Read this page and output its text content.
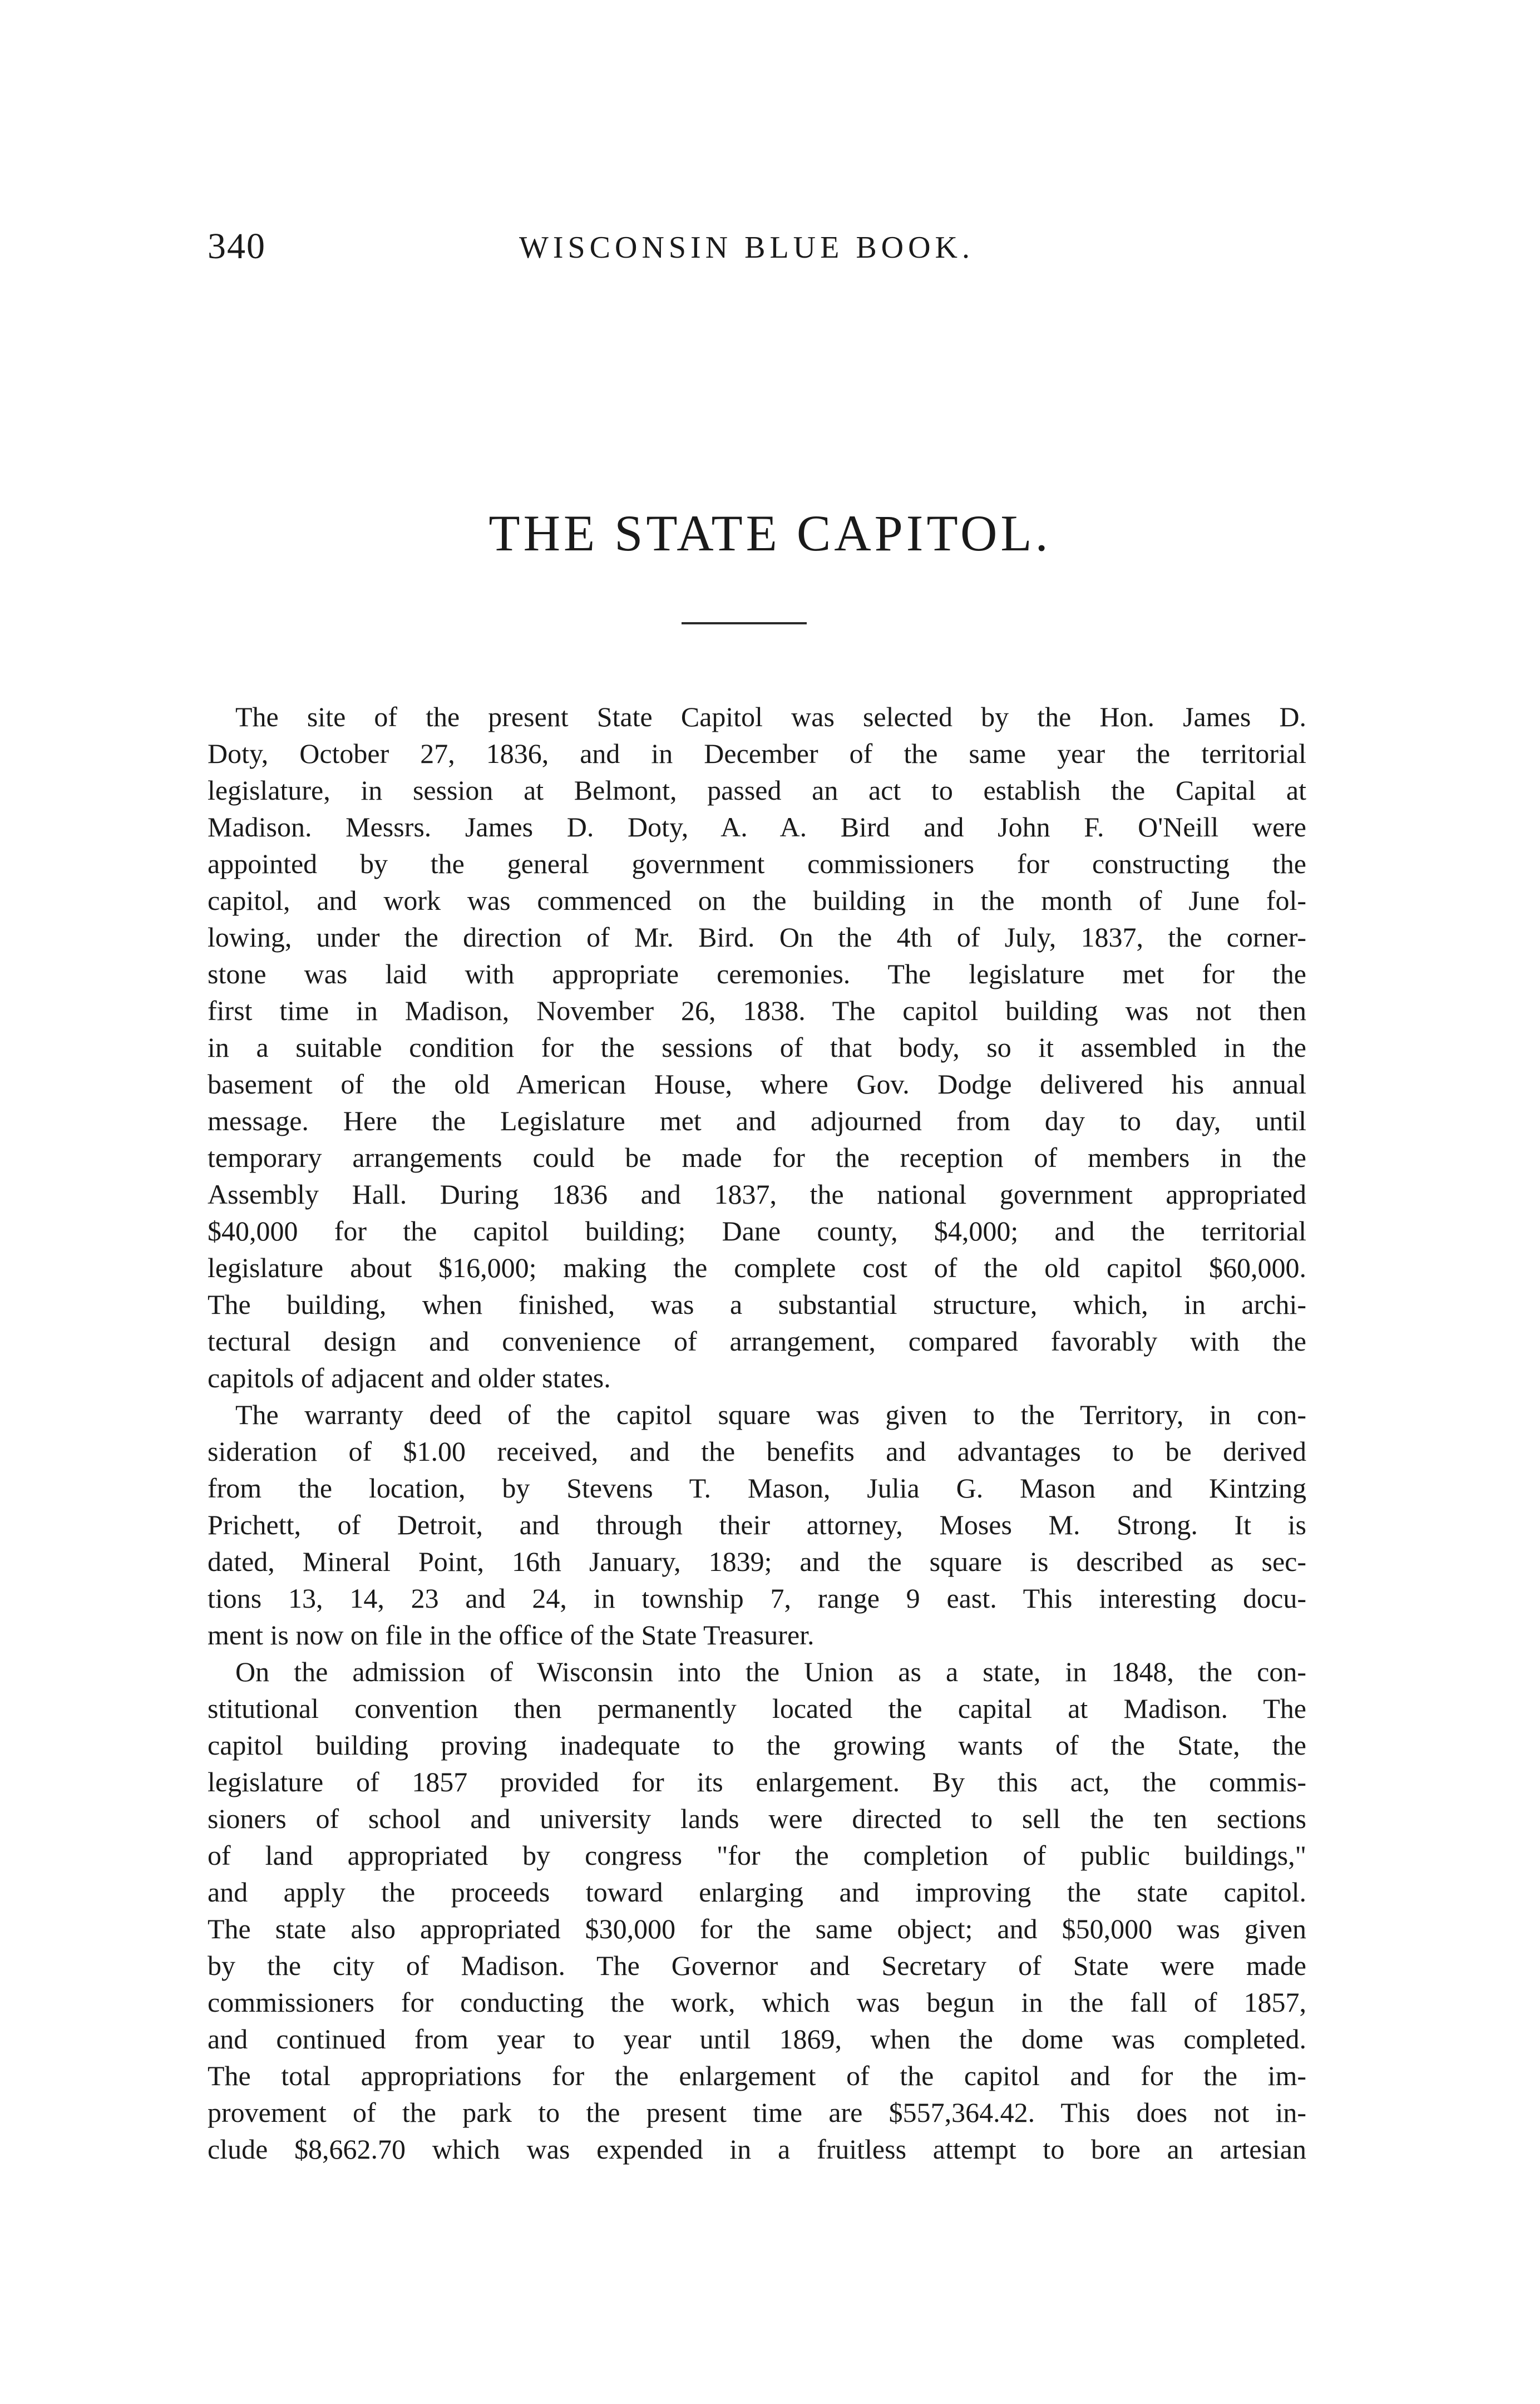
340	WISCONSIN BLUE BOOK.
THE STATE CAPITOL.
The site of the present State Capitol was selected by the Hon. James D.
Doty, October 27, 1836, and in December of the same year the territorial
legislature, in session at Belmont, passed an act to establish the Capital at
Madison. Messrs. James D. Doty, A. A. Bird and John F. O'Neill were
appointed by the general government commissioners for constructing the
capitol, and work was commenced on the building in the month of June fol-
lowing, under the direction of Mr. Bird. On the 4th of July, 1837, the corner-
stone was laid with appropriate ceremonies. The legislature met for the
first time in Madison, November 26, 1838. The capitol building was not then
in a suitable condition for the sessions of that body, so it assembled in the
basement of the old American House, where Gov. Dodge delivered his annual
message. Here the Legislature met and adjourned from day to day, until
temporary arrangements could be made for the reception of members in the
Assembly Hall. During 1836 and 1837, the national government appropriated
$40,000 for the capitol building; Dane county, $4,000; and the territorial
legislature about $16,000; making the complete cost of the old capitol $60,000.
The building, when finished, was a substantial structure, which, in archi-
tectural design and convenience of arrangement, compared favorably with the
capitols of adjacent and older states.
The warranty deed of the capitol square was given to the Territory, in con-
sideration of $1.00 received, and the benefits and advantages to be derived
from the location, by Stevens T. Mason, Julia G. Mason and Kintzing
Prichett, of Detroit, and through their attorney, Moses M. Strong. It is
dated, Mineral Point, 16th January, 1839; and the square is described as sec-
tions 13, 14, 23 and 24, in township 7, range 9 east. This interesting docu-
ment is now on file in the office of the State Treasurer.
On the admission of Wisconsin into the Union as a state, in 1848, the con-
stitutional convention then permanently located the capital at Madison. The
capitol building proving inadequate to the growing wants of the State, the
legislature of 1857 provided for its enlargement. By this act, the commis-
sioners of school and university lands were directed to sell the ten sections
of land appropriated by congress "for the completion of public buildings,"
and apply the proceeds toward enlarging and improving the state capitol.
The state also appropriated $30,000 for the same object; and $50,000 was given
by the city of Madison. The Governor and Secretary of State were made
commissioners for conducting the work, which was begun in the fall of 1857,
and continued from year to year until 1869, when the dome was completed.
The total appropriations for the enlargement of the capitol and for the im-
provement of the park to the present time are $557,364.42. This does not in-
clude $8,662.70 which was expended in a fruitless attempt to bore an artesian
